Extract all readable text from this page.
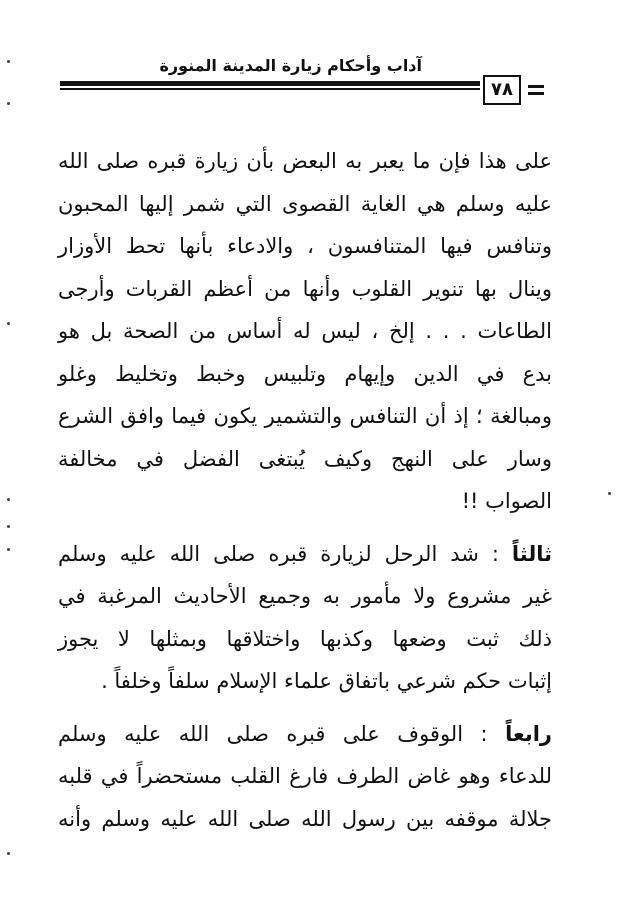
آداب وأحكام زيارة المدينة المنورة
٧٨

على هذا فإن ما يعبر به البعض بأن زيارة قبره صلى الله
عليه وسلم هي الغاية القصوى التي شمر إليها المحبون
وتنافس فيها المتنافسون ، والادعاء بأنها تحط الأوزار
وينال بها تنوير القلوب وأنها من أعظم القربات وأرجى
الطاعات . . . إلخ ، ليس له أساس من الصحة بل هو
بدع في الدين وإيهام وتلبيس وخبط وتخليط وغلو
ومبالغة ؛ إذ أن التنافس والتشمير يكون فيما وافق الشرع
وسار على النهج وكيف يُبتغى الفضل في مخالفة
الصواب !!

ثالثاً : شد الرحل لزيارة قبره صلى الله عليه وسلم
غير مشروع ولا مأمور به وجميع الأحاديث المرغبة في
ذلك ثبت وضعها وكذبها واختلاقها وبمثلها لا يجوز
إثبات حكم شرعي باتفاق علماء الإسلام سلفاً وخلفاً .

رابعاً : الوقوف على قبره صلى الله عليه وسلم
للدعاء وهو غاض الطرف فارغ القلب مستحضراً في قلبه
جلالة موقفه بين رسول الله صلى الله عليه وسلم وأنه
